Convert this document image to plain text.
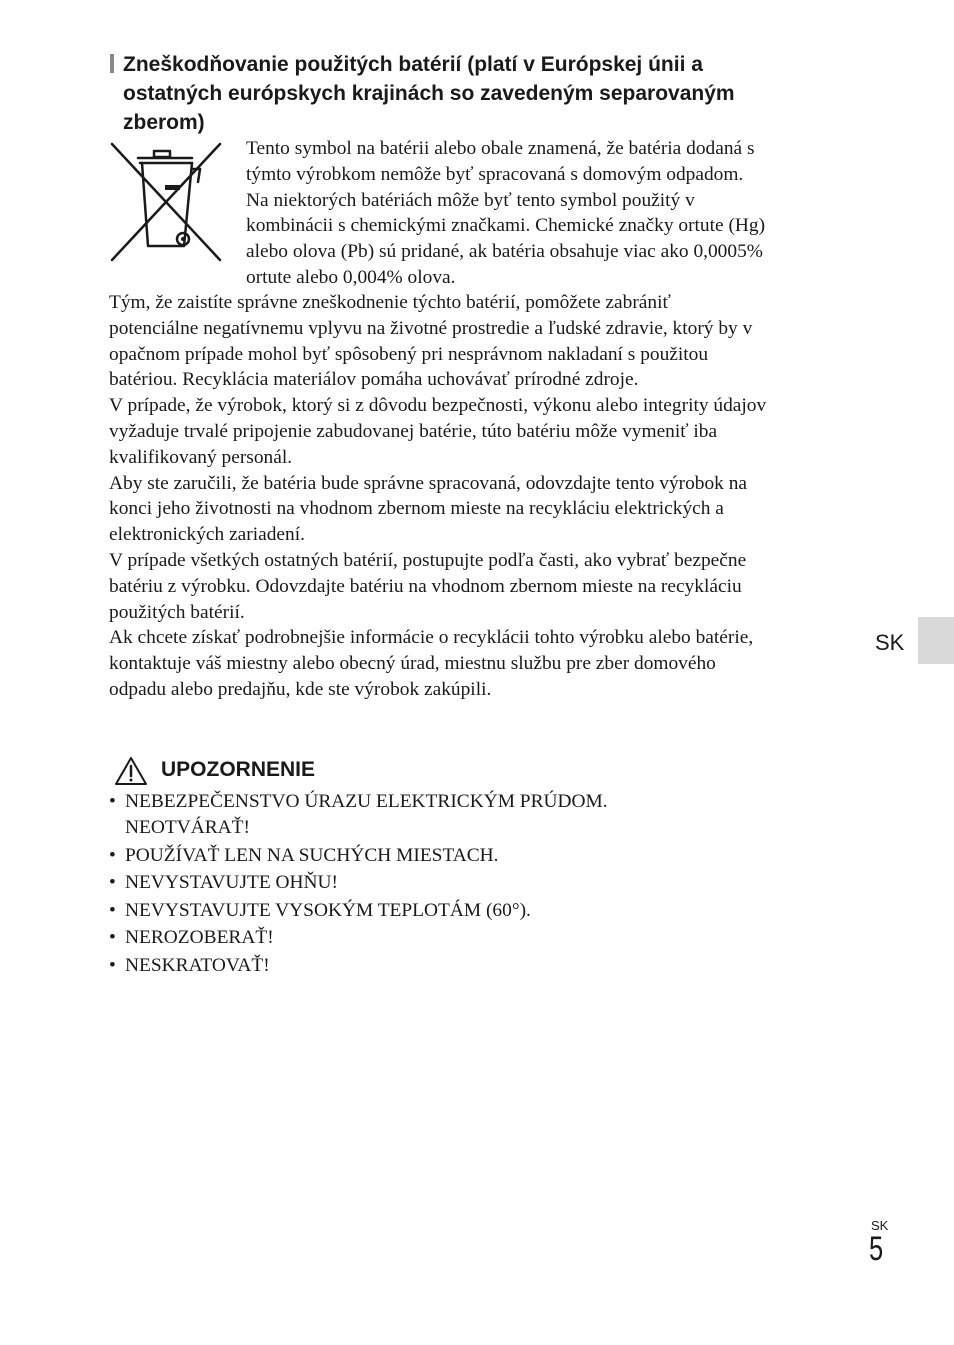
Zneškodňovanie použitých batérií (platí v Európskej únii a
ostatných európskych krajinách so zavedeným separovaným
zberom)
Tento symbol na batérii alebo obale znamená, že batéria dodaná s
týmto výrobkom nemôže byť spracovaná s domovým odpadom.
Na niektorých batériách môže byť tento symbol použitý v
kombinácii s chemickými značkami. Chemické značky ortute (Hg)
alebo olova (Pb) sú pridané, ak batéria obsahuje viac ako 0,0005%
ortute alebo 0,004% olova.
Tým, že zaistíte správne zneškodnenie týchto batérií, pomôžete zabrániť
potenciálne negatívnemu vplyvu na životné prostredie a ľudské zdravie, ktorý by v
opačnom prípade mohol byť spôsobený pri nesprávnom nakladaní s použitou
batériou. Recyklácia materiálov pomáha uchovávať prírodné zdroje.
V prípade, že výrobok, ktorý si z dôvodu bezpečnosti, výkonu alebo integrity údajov
vyžaduje trvalé pripojenie zabudovanej batérie, túto batériu môže vymeniť iba
kvalifikovaný personál.
Aby ste zaručili, že batéria bude správne spracovaná, odovzdajte tento výrobok na
konci jeho životnosti na vhodnom zbernom mieste na recykláciu elektrických a
elektronických zariadení.
V prípade všetkých ostatných batérií, postupujte podľa časti, ako vybrať bezpečne
batériu z výrobku. Odovzdajte batériu na vhodnom zbernom mieste na recykláciu
použitých batérií.
Ak chcete získať podrobnejšie informácie o recyklácii tohto výrobku alebo batérie,
kontaktuje váš miestny alebo obecný úrad, miestnu službu pre zber domového
odpadu alebo predajňu, kde ste výrobok zakúpili.
SK
UPOZORNENIE
• NEBEZPEČENSTVO ÚRAZU ELEKTRICKÝM PRÚDOM.
NEOTVÁRAŤ!
• POUŽÍVAŤ LEN NA SUCHÝCH MIESTACH.
• NEVYSTAVUJTE OHŇU!
• NEVYSTAVUJTE VYSOKÝM TEPLOTÁM (60°).
• NEROZOBERAŤ!
• NESKRATOVAŤ!
SK
5
